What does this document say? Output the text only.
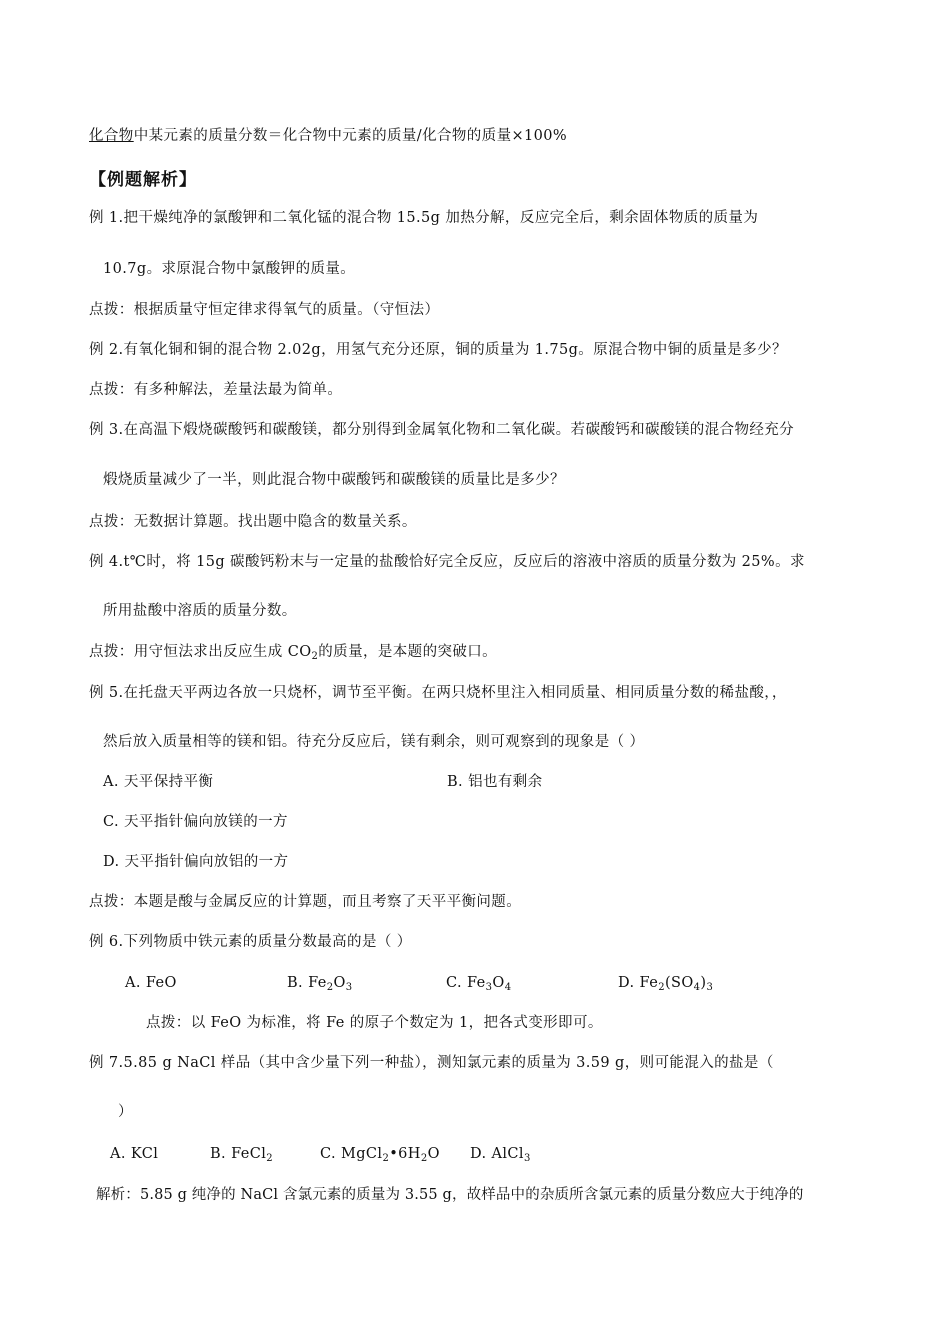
化合物中某元素的质量分数＝化合物中元素的质量/化合物的质量×100%
【例题解析】
例 1.把干燥纯净的氯酸钾和二氧化锰的混合物 15.5g 加热分解，反应完全后，剩余固体物质的质量为
10.7g。求原混合物中氯酸钾的质量。
点拨：根据质量守恒定律求得氧气的质量。（守恒法）
例 2.有氧化铜和铜的混合物 2.02g，用氢气充分还原，铜的质量为 1.75g。原混合物中铜的质量是多少？
点拨：有多种解法，差量法最为简单。
例 3.在高温下煅烧碳酸钙和碳酸镁，都分别得到金属氧化物和二氧化碳。若碳酸钙和碳酸镁的混合物经充分
煅烧质量减少了一半，则此混合物中碳酸钙和碳酸镁的质量比是多少？
点拨：无数据计算题。找出题中隐含的数量关系。
例 4.t℃时，将 15g 碳酸钙粉末与一定量的盐酸恰好完全反应，反应后的溶液中溶质的质量分数为 25%。求
所用盐酸中溶质的质量分数。
点拨：用守恒法求出反应生成 $CO_2$的质量，是本题的突破口。
例 5.在托盘天平两边各放一只烧杯，调节至平衡。在两只烧杯里注入相同质量、相同质量分数的稀盐酸，，
然后放入质量相等的镁和铝。待充分反应后，镁有剩余，则可观察到的现象是（ ）
A. 天平保持平衡	B. 铝也有剩余
C. 天平指针偏向放镁的一方
D. 天平指针偏向放铝的一方
点拨：本题是酸与金属反应的计算题，而且考察了天平平衡问题。
例 6.下列物质中铁元素的质量分数最高的是（ ）
A. FeO	B. $Fe_2O_3$	C. $Fe_3O_4$	D. $Fe_2(SO_4)_3$
点拨：以 FeO 为标准，将 Fe 的原子个数定为 1，把各式变形即可。
例 7.5.85 g NaCl 样品（其中含少量下列一种盐），测知氯元素的质量为 3.59 g，则可能混入的盐是（
）
A. KCl	B. FeCl$_2$	C. $MgCl_2•6H_2O$ D. AlCl$_3$
解析：5.85 g 纯净的 NaCl 含氯元素的质量为 3.55 g，故样品中的杂质所含氯元素的质量分数应大于纯净的
